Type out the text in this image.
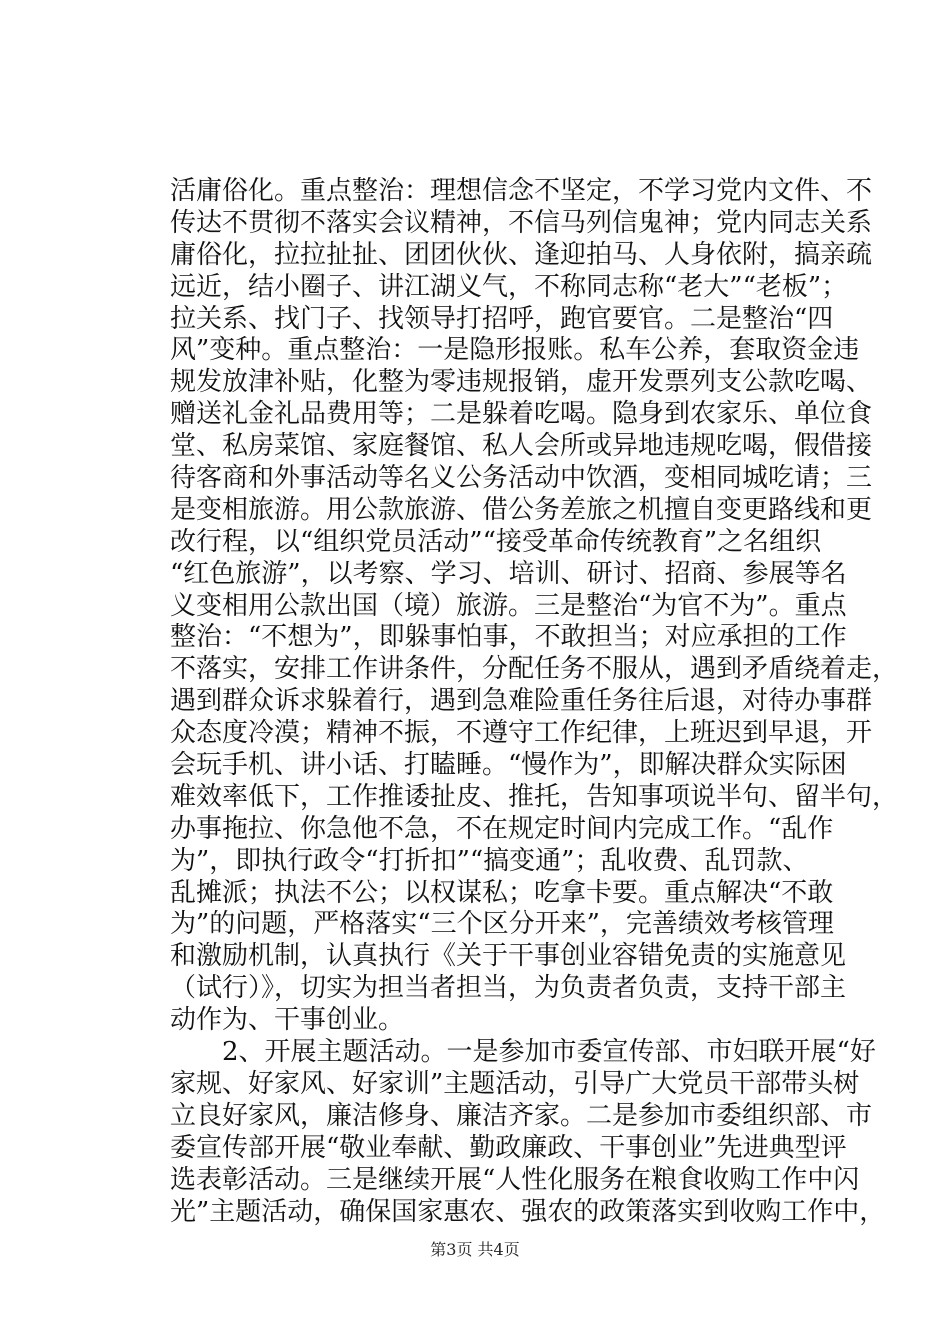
活庸俗化。重点整治：理想信念不坚定，不学习党内文件、不
传达不贯彻不落实会议精神，不信马列信鬼神；党内同志关系
庸俗化，拉拉扯扯、团团伙伙、逢迎拍马、人身依附，搞亲疏
远近，结小圈子、讲江湖义气，不称同志称“老大”“老板”；
拉关系、找门子、找领导打招呼，跑官要官。二是整治“四
风”变种。重点整治：一是隐形报账。私车公养，套取资金违
规发放津补贴，化整为零违规报销，虚开发票列支公款吃喝、
赠送礼金礼品费用等；二是躲着吃喝。隐身到农家乐、单位食
堂、私房菜馆、家庭餐馆、私人会所或异地违规吃喝，假借接
待客商和外事活动等名义公务活动中饮酒，变相同城吃请；三
是变相旅游。用公款旅游、借公务差旅之机擅自变更路线和更
改行程，以“组织党员活动”“接受革命传统教育”之名组织
“红色旅游”，以考察、学习、培训、研讨、招商、参展等名
义变相用公款出国（境）旅游。三是整治“为官不为”。重点
整治：“不想为”，即躲事怕事，不敢担当；对应承担的工作
不落实，安排工作讲条件，分配任务不服从，遇到矛盾绕着走，
遇到群众诉求躲着行，遇到急难险重任务往后退，对待办事群
众态度冷漠；精神不振，不遵守工作纪律，上班迟到早退，开
会玩手机、讲小话、打瞌睡。“慢作为”，即解决群众实际困
难效率低下，工作推诿扯皮、推托，告知事项说半句、留半句，
办事拖拉、你急他不急，不在规定时间内完成工作。“乱作
为”，即执行政令“打折扣”“搞变通”；乱收费、乱罚款、
乱摊派；执法不公；以权谋私；吃拿卡要。重点解决“不敢
为”的问题，严格落实“三个区分开来”，完善绩效考核管理
和激励机制，认真执行《关于干事创业容错免责的实施意见
（试行）》，切实为担当者担当，为负责者负责，支持干部主
动作为、干事创业。
　　2、开展主题活动。一是参加市委宣传部、市妇联开展“好
家规、好家风、好家训”主题活动，引导广大党员干部带头树
立良好家风，廉洁修身、廉洁齐家。二是参加市委组织部、市
委宣传部开展“敬业奉献、勤政廉政、干事创业”先进典型评
选表彰活动。三是继续开展“人性化服务在粮食收购工作中闪
光”主题活动，确保国家惠农、强农的政策落实到收购工作中，
第3页 共4页
